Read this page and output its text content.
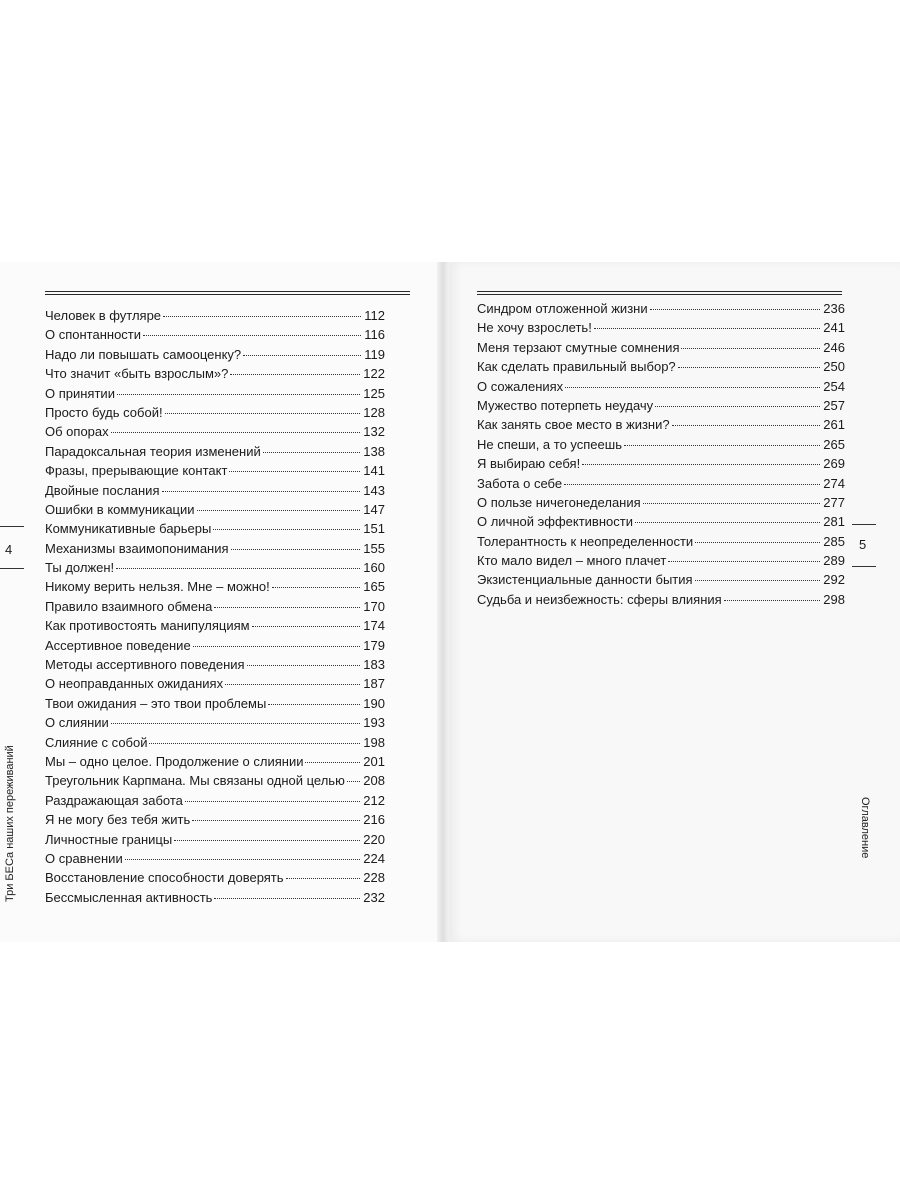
Человек в футляре	112
О спонтанности	116
Надо ли повышать самооценку?	119
Что значит «быть взрослым»?	122
О принятии	125
Просто будь собой!	128
Об опорах	132
Парадоксальная теория изменений	138
Фразы, прерывающие контакт	141
Двойные послания	143
Ошибки в коммуникации	147
Коммуникативные барьеры	151
Механизмы взаимопонимания	155
Ты должен!	160
Никому верить нельзя. Мне – можно!	165
Правило взаимного обмена	170
Как противостоять манипуляциям	174
Ассертивное поведение	179
Методы ассертивного поведения	183
О неоправданных ожиданиях	187
Твои ожидания – это твои проблемы	190
О слиянии	193
Слияние с собой	198
Мы – одно целое. Продолжение о слиянии	201
Треугольник Карпмана. Мы связаны одной целью 208
Раздражающая забота	212
Я не могу без тебя жить	216
Личностные границы	220
О сравнении	224
Восстановление способности доверять	228
Бессмысленная активность	232
4
Три БЕСа наших переживаний
Синдром отложенной жизни	236
Не хочу взрослеть!	241
Меня терзают смутные сомнения	246
Как сделать правильный выбор?	250
О сожалениях	254
Мужество потерпеть неудачу	257
Как занять свое место в жизни?	261
Не спеши, а то успеешь	265
Я выбираю себя!	269
Забота о себе	274
О пользе ничегонеделания	277
О личной эффективности	281
Толерантность к неопределенности	285
Кто мало видел – много плачет	289
Экзистенциальные данности бытия	292
Судьба и неизбежность: сферы влияния	298
5
Оглавление
